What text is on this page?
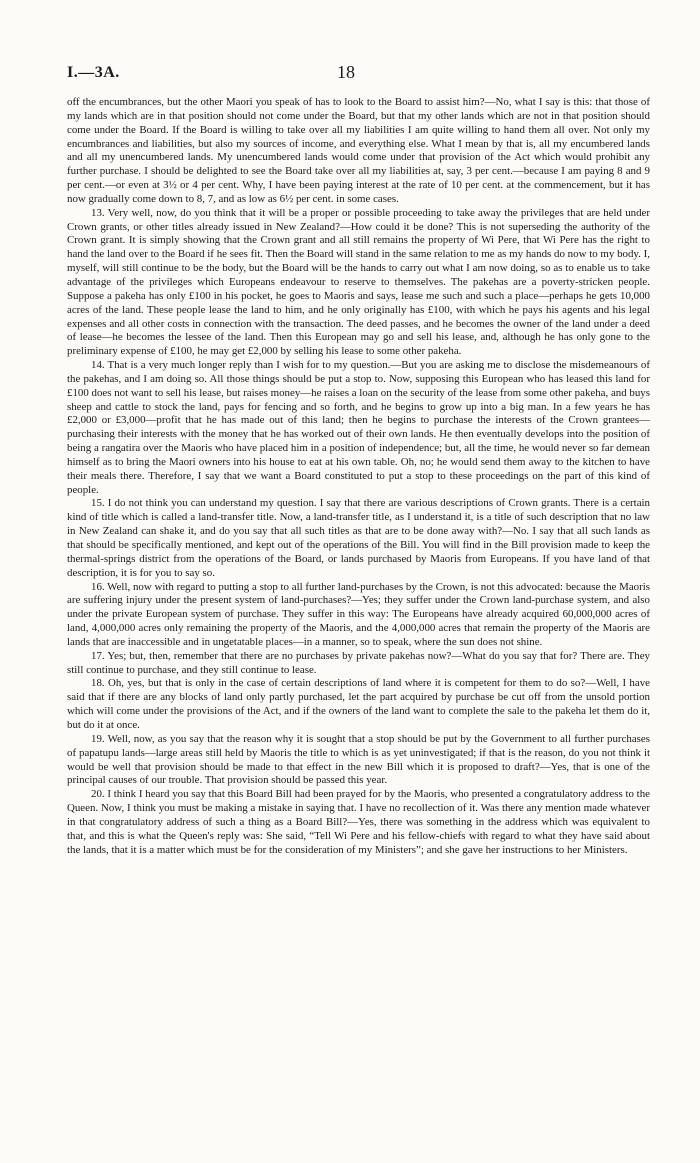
I.—3A.	18

off the encumbrances, but the other Maori you speak of has to look to the Board to assist him?—No, what I say is this: that those of my lands which are in that position should not come under the Board, but that my other lands which are not in that position should come under the Board. If the Board is willing to take over all my liabilities I am quite willing to hand them all over. Not only my encumbrances and liabilities, but also my sources of income, and everything else. What I mean by that is, all my encumbered lands and all my unencumbered lands. My unencumbered lands would come under that provision of the Act which would prohibit any further purchase. I should be delighted to see the Board take over all my liabilities at, say, 3 per cent.—because I am paying 8 and 9 per cent.—or even at 3½ or 4 per cent. Why, I have been paying interest at the rate of 10 per cent. at the commencement, but it has now gradually come down to 8, 7, and as low as 6½ per cent. in some cases.

13. Very well, now, do you think that it will be a proper or possible proceeding to take away the privileges that are held under Crown grants, or other titles already issued in New Zealand?—How could it be done? This is not superseding the authority of the Crown grant. It is simply showing that the Crown grant and all still remains the property of Wi Pere, that Wi Pere has the right to hand the land over to the Board if he sees fit. Then the Board will stand in the same relation to me as my hands do now to my body. I, myself, will still continue to be the body, but the Board will be the hands to carry out what I am now doing, so as to enable us to take advantage of the privileges which Europeans endeavour to reserve to themselves. The pakehas are a poverty-stricken people. Suppose a pakeha has only £100 in his pocket, he goes to Maoris and says, lease me such and such a place—perhaps he gets 10,000 acres of the land. These people lease the land to him, and he only originally has £100, with which he pays his agents and his legal expenses and all other costs in connection with the transaction. The deed passes, and he becomes the owner of the land under a deed of lease—he becomes the lessee of the land. Then this European may go and sell his lease, and, although he has only gone to the preliminary expense of £100, he may get £2,000 by selling his lease to some other pakeha.

14. That is a very much longer reply than I wish for to my question.—But you are asking me to disclose the misdemeanours of the pakehas, and I am doing so. All those things should be put a stop to. Now, supposing this European who has leased this land for £100 does not want to sell his lease, but raises money—he raises a loan on the security of the lease from some other pakeha, and buys sheep and cattle to stock the land, pays for fencing and so forth, and he begins to grow up into a big man. In a few years he has £2,000 or £3,000—profit that he has made out of this land; then he begins to purchase the interests of the Crown grantees—purchasing their interests with the money that he has worked out of their own lands. He then eventually develops into the position of being a rangatira over the Maoris who have placed him in a position of independence; but, all the time, he would never so far demean himself as to bring the Maori owners into his house to eat at his own table. Oh, no; he would send them away to the kitchen to have their meals there. Therefore, I say that we want a Board constituted to put a stop to these proceedings on the part of this kind of people.

15. I do not think you can understand my question. I say that there are various descriptions of Crown grants. There is a certain kind of title which is called a land-transfer title. Now, a land-transfer title, as I understand it, is a title of such description that no law in New Zealand can shake it, and do you say that all such titles as that are to be done away with?—No. I say that all such lands as that should be specifically mentioned, and kept out of the operations of the Bill. You will find in the Bill provision made to keep the thermal-springs district from the operations of the Board, or lands purchased by Maoris from Europeans. If you have land of that description, it is for you to say so.

16. Well, now with regard to putting a stop to all further land-purchases by the Crown, is not this advocated: because the Maoris are suffering injury under the present system of land-purchases?—Yes; they suffer under the Crown land-purchase system, and also under the private European system of purchase. They suffer in this way: The Europeans have already acquired 60,000,000 acres of land, 4,000,000 acres only remaining the property of the Maoris, and the 4,000,000 acres that remain the property of the Maoris are lands that are inaccessible and in ungetatable places—in a manner, so to speak, where the sun does not shine.

17. Yes; but, then, remember that there are no purchases by private pakehas now?—What do you say that for? There are. They still continue to purchase, and they still continue to lease.

18. Oh, yes, but that is only in the case of certain descriptions of land where it is competent for them to do so?—Well, I have said that if there are any blocks of land only partly purchased, let the part acquired by purchase be cut off from the unsold portion which will come under the provisions of the Act, and if the owners of the land want to complete the sale to the pakeha let them do it, but do it at once.

19. Well, now, as you say that the reason why it is sought that a stop should be put by the Government to all further purchases of papatupu lands—large areas still held by Maoris the title to which is as yet uninvestigated; if that is the reason, do you not think it would be well that provision should be made to that effect in the new Bill which it is proposed to draft?—Yes, that is one of the principal causes of our trouble. That provision should be passed this year.

20. I think I heard you say that this Board Bill had been prayed for by the Maoris, who presented a congratulatory address to the Queen. Now, I think you must be making a mistake in saying that. I have no recollection of it. Was there any mention made whatever in that congratulatory address of such a thing as a Board Bill?—Yes, there was something in the address which was equivalent to that, and this is what the Queen's reply was: She said, “Tell Wi Pere and his fellow-chiefs with regard to what they have said about the lands, that it is a matter which must be for the consideration of my Ministers”; and she gave her instructions to her Ministers.
